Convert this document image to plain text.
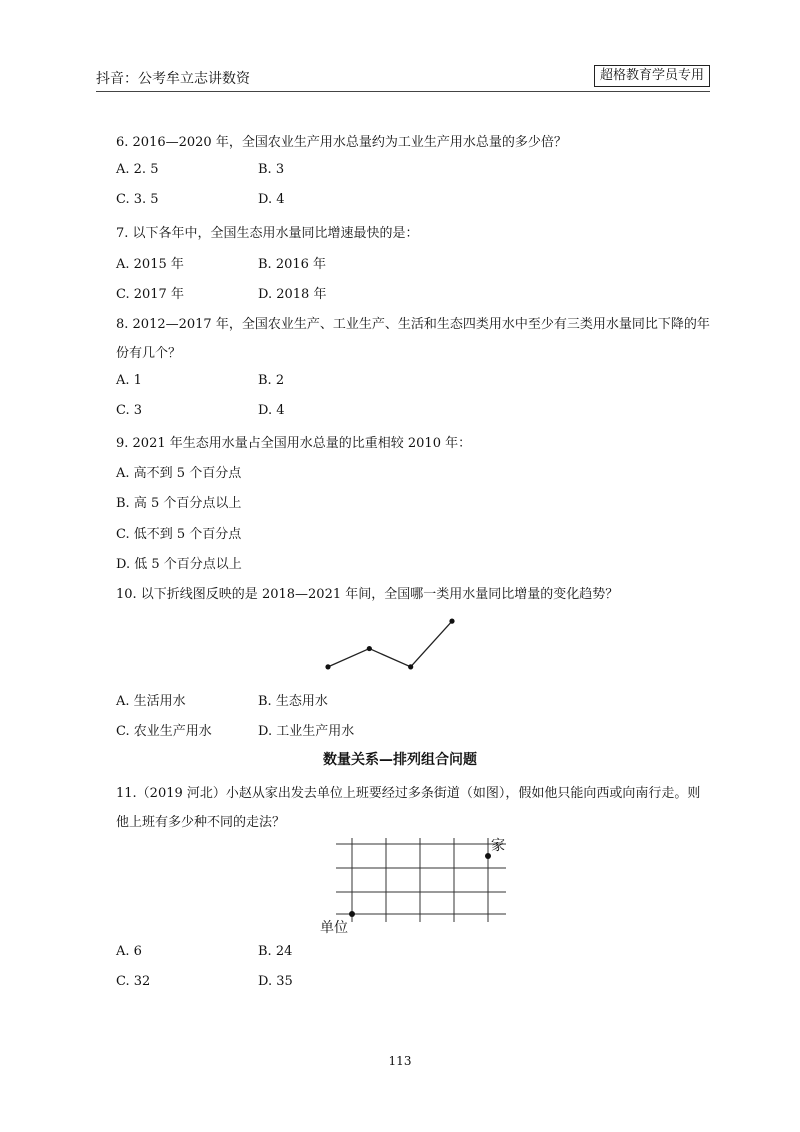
抖音：公考牟立志讲数资	超格教育学员专用
6. 2016—2020 年，全国农业生产用水总量约为工业生产用水总量的多少倍？
A. 2. 5	B. 3
C. 3. 5	D. 4
7. 以下各年中，全国生态用水量同比增速最快的是：
A. 2015 年	B. 2016 年
C. 2017 年	D. 2018 年
8. 2012—2017 年，全国农业生产、工业生产、生活和生态四类用水中至少有三类用水量同比下降的年
份有几个？
A. 1	B. 2
C. 3	D. 4
9. 2021 年生态用水量占全国用水总量的比重相较 2010 年：
A. 高不到 5 个百分点
B. 高 5 个百分点以上
C. 低不到 5 个百分点
D. 低 5 个百分点以上
10. 以下折线图反映的是 2018—2021 年间，全国哪一类用水量同比增量的变化趋势？
A. 生活用水	B. 生态用水
C. 农业生产用水	D. 工业生产用水
数量关系—排列组合问题
11.（2019 河北）小赵从家出发去单位上班要经过多条街道（如图），假如他只能向西或向南行走。则
他上班有多少种不同的走法？
家
单位
A. 6	B. 24
C. 32	D. 35
113
